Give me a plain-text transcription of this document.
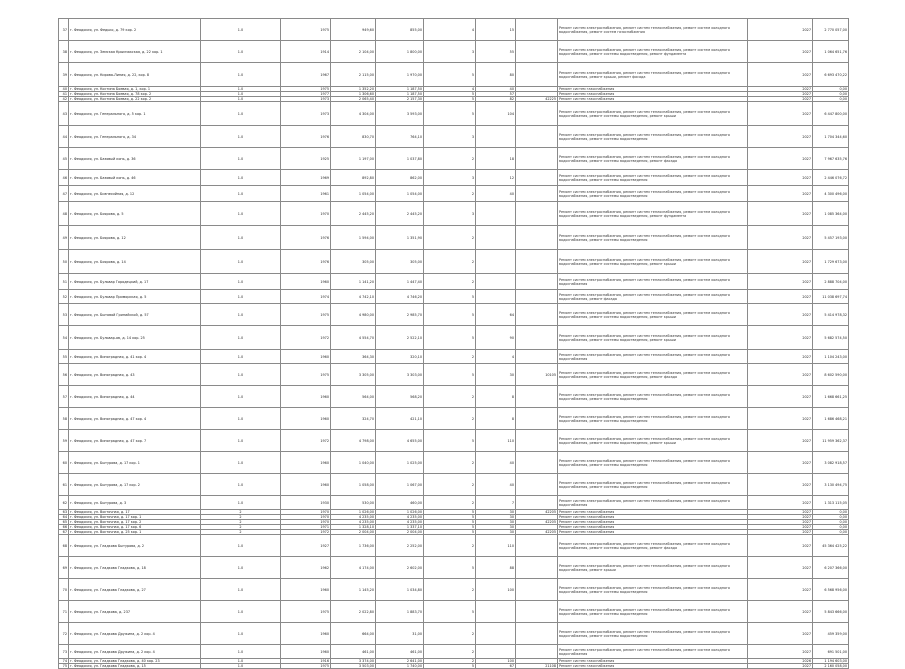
37	г. Феодосия, ул. Федько, д. 79 кор. 2	1.0	1975	949,60	855,00	4	15		Ремонт систем электроснабжения, ремонт систем теплоснабжения, ремонт систем холодного водоснабжения, ремонт систем газоснабжения	2027	2 770 057,00
38	г. Феодосия, ул. Земская Крымчакская, д. 22 кор. 1	1.0	1914	2 104,00	1 800,00	3	55		Ремонт систем электроснабжения, ремонт систем теплоснабжения, ремонт систем холодного водоснабжения, ремонт системы водоотведения, ремонт фундамента	2027	1 064 651,76
39	г. Феодосия, ул. Кирова-Линия, д. 22, кор. 8	1.0	1967	2 115,00	1 970,00	5	80		Ремонт систем электроснабжения, ремонт систем теплоснабжения, ремонт систем холодного водоснабжения, ремонт крыши, ремонт фасада	2027	6 693 470,22
40	г. Феодосия, ул. Костина Боевая, д. 1, кор. 1	1.0	1975	1 352,20	1 187,50	4	40		Ремонт систем газоснабжения	2027	0,00
41	г. Феодосия, ул. Костина Боевая, д. 78 кор. 2	1.0	1977	1 306,60	1 187,50	5	57		Ремонт систем газоснабжения	2027	0,00
42	г. Феодосия, ул. Костина Боевая, д. 22 кор. 2	1.0	1973	2 065,40	2 157,30	5	82	42225	Ремонт систем газоснабжения	2027	0,00
43	г. Феодосия, ул. Генерального, д. 5 кор. 1	1.0	1973	4 304,00	3 593,00	5	104		Ремонт систем электроснабжения, ремонт систем теплоснабжения, ремонт систем холодного водоснабжения, ремонт системы водоотведения, ремонт крыши	2027	6 447 800,00
44	г. Феодосия, ул. Генерального, д. 34	1.0	1976	830,70	764,10	3			Ремонт систем электроснабжения, ремонт систем теплоснабжения, ремонт систем холодного водоснабжения, ремонт системы водоотведения	2027	1 704 344,60
45	г. Феодосия, ул. Базовый конь, д. 36	1.0	1925	1 197,00	1 037,80	2	18		Ремонт систем электроснабжения, ремонт систем теплоснабжения, ремонт систем холодного водоснабжения, ремонт системы водоотведения, ремонт фасада	2027	7 967 635,76
46	г. Феодосия, ул. Базовый конь, д. 46	1.0	1969	892,80	862,00	3	12		Ремонт систем электроснабжения, ремонт систем теплоснабжения, ремонт систем холодного водоснабжения, ремонт системы водоотведения	2027	2 446 076,72
47	г. Феодосия, ул. Бизнесийная, д. 12	1.0	1961	1 054,00	1 054,00	2	40		Ремонт систем электроснабжения, ремонт систем теплоснабжения, ремонт систем холодного водоснабжения, ремонт системы водоотведения	2027	4 300 496,00
48	г. Феодосия, ул. Боярова, д. 5	1.0	1970	2 445,20	2 445,20	3			Ремонт систем электроснабжения, ремонт систем теплоснабжения, ремонт систем холодного водоснабжения, ремонт системы водоотведения, ремонт фундамента	2027	1 085 364,00
49	г. Феодосия, ул. Боярова, д. 12	1.0	1976	1 594,00	1 351,90	2			Ремонт систем электроснабжения, ремонт систем теплоснабжения, ремонт систем холодного водоснабжения, ремонт системы водоотведения	2027	5 457 193,00
50	г. Феодосия, ул. Боярова, д. 14	1.0	1976	305,00	305,00	2			Ремонт систем электроснабжения, ремонт систем теплоснабжения, ремонт систем холодного водоснабжения, ремонт системы водоотведения, ремонт крыши	2027	1 729 673,00
51	г. Феодосия, ул. Бульвар Городецкий, д. 17	1.0	1960	1 141,20	1 447,40	2			Ремонт систем электроснабжения, ремонт систем теплоснабжения, ремонт систем холодного водоснабжения	2027	2 888 704,00
52	г. Феодосия, ул. Бульвар Приморская, д. 5	1.0	1974	4 742,10	4 746,20	5			Ремонт систем электроснабжения, ремонт систем теплоснабжения, ремонт систем холодного водоснабжения, ремонт фасада	2027	11 038 697,74
53	г. Феодосия, ул. Бытовой Гринийской, д. 57	1.0	1975	4 980,00	2 985,70	5	64		Ремонт систем электроснабжения, ремонт систем теплоснабжения, ремонт систем холодного водоснабжения, ремонт системы водоотведения, ремонт крыши	2027	5 414 978,32
54	г. Феодосия, ул. Бульвар-ов, д. 14 кор. 25	1.0	1972	4 554,70	2 522,10	5	90		Ремонт систем электроснабжения, ремонт систем теплоснабжения, ремонт систем холодного водоснабжения, ремонт системы водоотведения, ремонт крыши	2027	5 682 574,50
55	г. Феодосия, ул. Виноградная, д. 41 кор. 4	1.0	1960	364,30	320,10	2	4		Ремонт систем электроснабжения, ремонт систем теплоснабжения, ремонт систем холодного водоснабжения	2027	1 104 243,00
56	г. Феодосия, ул. Виноградная, д. 43	1.0	1975	3 305,00	3 303,00	5	30	10105	Ремонт систем электроснабжения, ремонт систем теплоснабжения, ремонт систем холодного водоснабжения, ремонт системы водоотведения, ремонт фасада	2027	8 602 590,00
57	г. Феодосия, ул. Виноградная, д. 44	1.0	1960	564,00	568,20	2	8		Ремонт систем электроснабжения, ремонт систем теплоснабжения, ремонт систем холодного водоснабжения, ремонт системы водоотведения	2027	1 668 661,25
58	г. Феодосия, ул. Виноградная, д. 47 кор. 4	1.0	1960	324,70	421,10	2	8		Ремонт систем электроснабжения, ремонт систем теплоснабжения, ремонт систем холодного водоснабжения, ремонт системы водоотведения	2027	1 686 468,21
59	г. Феодосия, ул. Виноградная, д. 47 кор. 7	1.0	1972	4 798,00	4 655,00	5	110		Ремонт систем электроснабжения, ремонт систем теплоснабжения, ремонт систем холодного водоснабжения, ремонт системы водоотведения, ремонт крыши	2027	11 959 362,37
60	г. Феодосия, ул. Бытурова, д. 17 кор. 1	1.0	1960	1 040,00	1 025,00	2	40		Ремонт систем электроснабжения, ремонт систем теплоснабжения, ремонт систем холодного водоснабжения, ремонт системы водоотведения	2027	3 082 918,57
61	г. Феодосия, ул. Бытурова, д. 17 кор. 2	1.0	1960	1 058,00	1 067,00	2	40		Ремонт систем электроснабжения, ремонт систем теплоснабжения, ремонт систем холодного водоснабжения, ремонт системы водоотведения	2027	3 130 494,75
62	г. Феодосия, ул. Бытурова, д. 3	1.0	1930	530,00	460,00	2	7		Ремонт систем электроснабжения, ремонт систем теплоснабжения, ремонт систем холодного водоснабжения	2027	1 313 115,05
63	г. Феодосия, ул. Восточная, д. 17	2	1970	1 026,00	1 026,00	5	30	42205	Ремонт систем газоснабжения	2027	0,00
64	г. Феодосия, ул. Восточная, д. 17 кор. 1	2	1970	4 235,00	4 235,00	5	30		Ремонт систем газоснабжения	2027	0,00
65	г. Феодосия, ул. Восточная, д. 17 кор. 2	2	1970	4 235,00	4 235,00	5	30	42205	Ремонт систем газоснабжения	2027	0,00
66	г. Феодосия, ул. Восточная, д. 17 кор. 6	2	1971	1 328,10	1 337,10	5	30		Ремонт систем газоснабжения	2027	0,00
67	г. Феодосия, ул. Восточная, д. 25 кор. 1	2	1972	2 004,00	2 004,00	5	30	42205	Ремонт систем газоснабжения	2027	0,00
68	г. Феодосия, ул. Гладкова Бытурова, д. 2	1.0	1927	1 736,00	2 252,00	2	110		Ремонт систем электроснабжения, ремонт систем теплоснабжения, ремонт систем холодного водоснабжения, ремонт системы водоотведения, ремонт фасада	2027	45 364 425,22
69	г. Феодосия, ул. Гладкова Гладкова, д. 18	1.0	1962	4 174,00	2 602,00	5	88		Ремонт систем электроснабжения, ремонт систем теплоснабжения, ремонт систем холодного водоснабжения, ремонт крыши	2027	6 207 366,00
70	г. Феодосия, ул. Гладкова Гладкова, д. 27	1.0	1960	1 145,20	1 034,80	2	100		Ремонт систем электроснабжения, ремонт систем теплоснабжения, ремонт систем холодного водоснабжения, ремонт системы водоотведения	2027	6 568 956,00
71	г. Феодосия, ул. Гладкова, д. 237	1.0	1975	2 022,80	1 883,70	5			Ремонт систем электроснабжения, ремонт систем теплоснабжения, ремонт систем холодного водоснабжения, ремонт системы водоотведения	2027	5 843 666,00
72	г. Феодосия, ул. Гладкова Дружина, д. 2 кор. 4	1.0	1960	664,00	31,00	2			Ремонт систем электроснабжения, ремонт систем теплоснабжения, ремонт систем холодного водоснабжения, ремонт системы водоотведения	2027	459 359,00
73	г. Феодосия, ул. Гладкова Дружина, д. 2 кор. 4	1.0	1960	461,00	461,00	2			Ремонт систем электроснабжения, ремонт систем теплоснабжения, ремонт систем холодного водоснабжения	2027	691 501,00
74	г. Феодосия, ул. Гладкова Гладкова, д. 40 кор. 23	1.0	1916	3 374,00	2 641,00	2	100		Ремонт систем газоснабжения	2026	1 194 603,00
75	г. Феодосия, ул. Гладкова Гладкова, д. 15	1.0	1975	3 503,00	1 740,00	5	67	21108	Ремонт систем газоснабжения	2027	2 160 058,00
